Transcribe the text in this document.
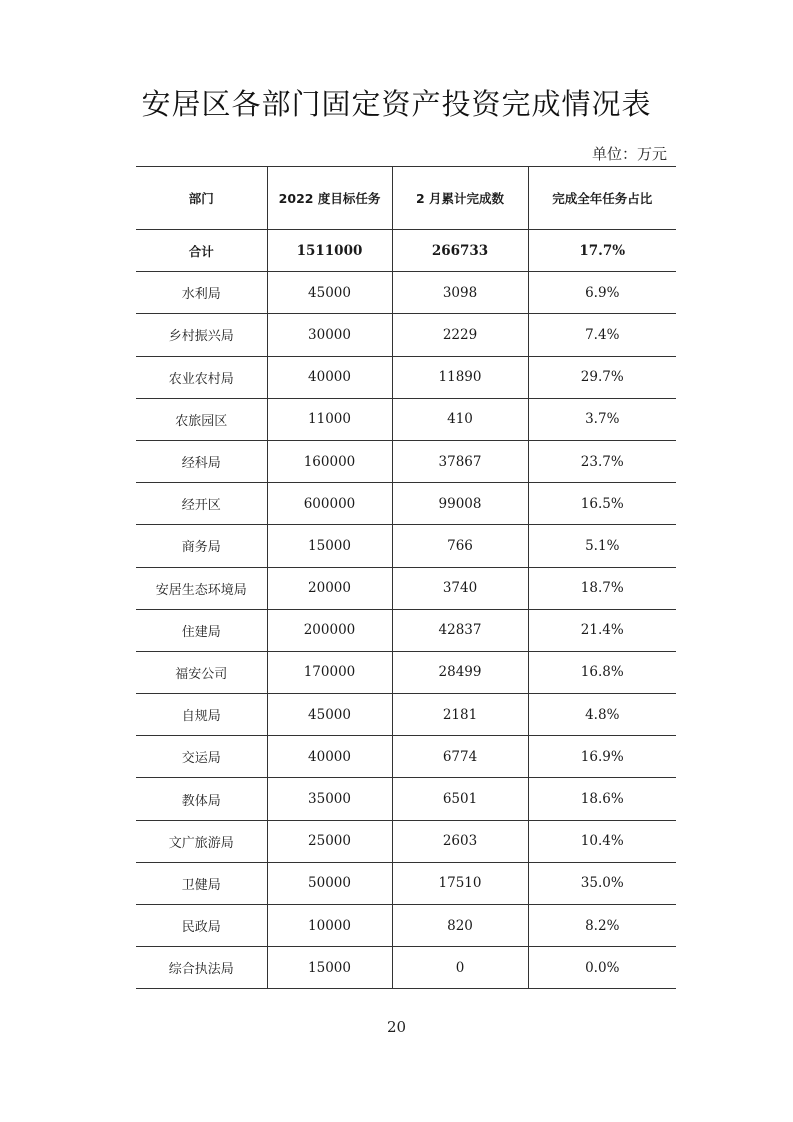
安居区各部门固定资产投资完成情况表
单位：万元
部门	2022 度目标任务	2 月累计完成数	完成全年任务占比
合计	1511000	266733	17.7%
水利局	45000	3098	6.9%
乡村振兴局	30000	2229	7.4%
农业农村局	40000	11890	29.7%
农旅园区	11000	410	3.7%
经科局	160000	37867	23.7%
经开区	600000	99008	16.5%
商务局	15000	766	5.1%
安居生态环境局	20000	3740	18.7%
住建局	200000	42837	21.4%
福安公司	170000	28499	16.8%
自规局	45000	2181	4.8%
交运局	40000	6774	16.9%
教体局	35000	6501	18.6%
文广旅游局	25000	2603	10.4%
卫健局	50000	17510	35.0%
民政局	10000	820	8.2%
综合执法局	15000	0	0.0%
20
